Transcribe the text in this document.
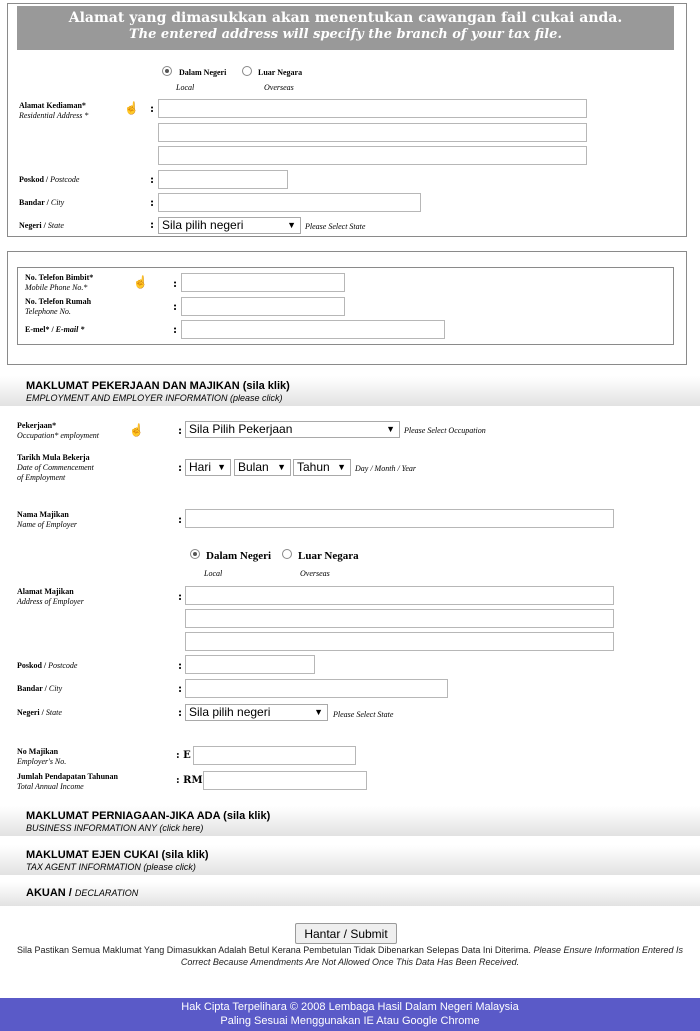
Alamat yang dimasukkan akan menentukan cawangan fail cukai anda.
The entered address will specify the branch of your tax file.
Dalam Negeri
Local
Luar Negara
Overseas
Alamat Kediaman*
Residential Address *
☝ :
Poskod / Postcode	:
Bandar / City	:
Negeri / State	: Sila pilih negeri	▼ Please Select State
No. Telefon Bimbit*
Mobile Phone No.*	☝ :
No. Telefon Rumah
Telephone No.	:
E-mel* / E-mail *	:
MAKLUMAT PEKERJAAN DAN MAJIKAN (sila klik)
EMPLOYMENT AND EMPLOYER INFORMATION (please click)
Pekerjaan*
Occupation* employment	☝	: Sila Pilih Pekerjaan	▼ Please Select Occupation
Tarikh Mula Bekerja
Date of Commencement
of Employment
: Hari ▼	Bulan ▼ Tahun ▼ Day / Month / Year
Nama Majikan
Name of Employer	:
Dalam Negeri
Local
Luar Negara
Overseas
Alamat Majikan
Address of Employer	:
Poskod / Postcode	:
Bandar / City	:
Negeri / State	: Sila pilih negeri	▼ Please Select State
No Majikan
Employer's No.
: E
Jumlah Pendapatan Tahunan
Total Annual Income
: RM
MAKLUMAT PERNIAGAAN-JIKA ADA (sila klik)
BUSINESS INFORMATION ANY (click here)
MAKLUMAT EJEN CUKAI (sila klik)
TAX AGENT INFORMATION (please click)
AKUAN / DECLARATION
Hantar / Submit
Sila Pastikan Semua Maklumat Yang Dimasukkan Adalah Betul Kerana Pembetulan Tidak Dibenarkan Selepas Data Ini Diterima. Please Ensure Information Entered Is Correct Because Amendments Are Not Allowed Once This Data Has Been Received.
Hak Cipta Terpelihara © 2008 Lembaga Hasil Dalam Negeri Malaysia
Paling Sesuai Menggunakan IE Atau Google Chrome
